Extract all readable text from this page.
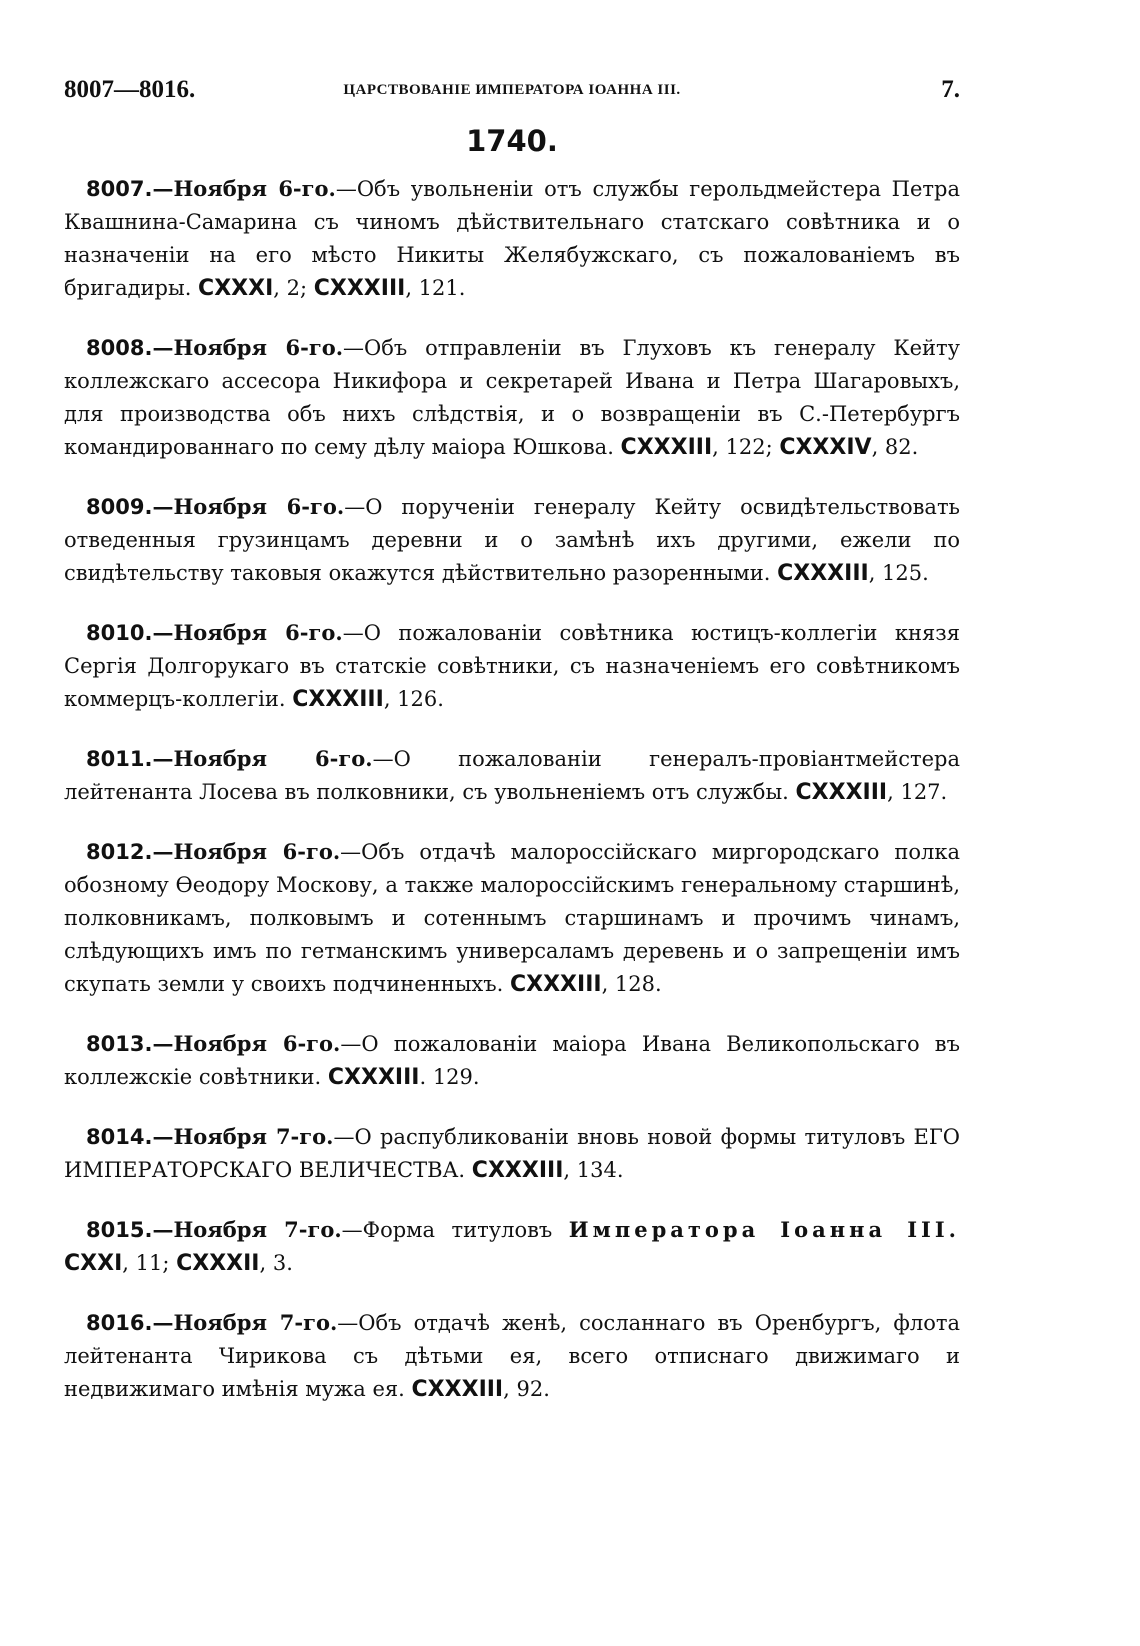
8007—8016.	ЦАРСТВОВАНІЕ ИМПЕРАТОРА ІОАННА III.	7.
1740.

8007.—Ноября 6-го.—Объ увольненіи отъ службы герольдмейстера Петра Квашнина-Самарина съ чиномъ дѣйствительнаго статскаго совѣтника и о назначеніи на его мѣсто Никиты Желябужскаго, съ пожалованіемъ въ бригадиры. CXXXI, 2; CXXXIII, 121.

8008.—Ноября 6-го.—Объ отправленіи въ Глуховъ къ генералу Кейту коллежскаго ассесора Никифора и секретарей Ивана и Петра Шагаровыхъ, для производства объ нихъ слѣдствія, и о возвращеніи въ С.-Петербургъ командированнаго по сему дѣлу маіора Юшкова. CXXXIII, 122; CXXXIV, 82.

8009.—Ноября 6-го.—О порученіи генералу Кейту освидѣтельствовать отведенныя грузинцамъ деревни и о замѣнѣ ихъ другими, ежели по свидѣтельству таковыя окажутся дѣйствительно разоренными. CXXXIII, 125.

8010.—Ноября 6-го.—О пожалованіи совѣтника юстицъ-коллегіи князя Сергія Долгорукаго въ статскіе совѣтники, съ назначеніемъ его совѣтникомъ коммерцъ-коллегіи. CXXXIII, 126.

8011.—Ноября 6-го.—О пожалованіи генералъ-провіантмейстера лейтенанта Лосева въ полковники, съ увольненіемъ отъ службы. CXXXIII, 127.

8012.—Ноября 6-го.—Объ отдачѣ малороссійскаго миргородскаго полка обозному Ѳеодору Москову, а также малороссійскимъ генеральному старшинѣ, полковникамъ, полковымъ и сотеннымъ старшинамъ и прочимъ чинамъ, слѣдующихъ имъ по гетманскимъ универсаламъ деревень и о запрещеніи имъ скупать земли у своихъ подчиненныхъ. CXXXIII, 128.

8013.—Ноября 6-го.—О пожалованіи маіора Ивана Великопольскаго въ коллежскіе совѣтники. CXXXIII. 129.

8014.—Ноября 7-го.—О распубликованіи вновь новой формы титуловъ ЕГО ИМПЕРАТОРСКАГО ВЕЛИЧЕСТВА. CXXXIII, 134.

8015.—Ноября 7-го.—Форма титуловъ Императора Іоанна III. CXXI, 11; CXXXII, 3.

8016.—Ноября 7-го.—Объ отдачѣ женѣ, сосланнаго въ Оренбургъ, флота лейтенанта Чирикова съ дѣтьми ея, всего отписнаго движимаго и недвижимаго имѣнія мужа ея. CXXXIII, 92.
